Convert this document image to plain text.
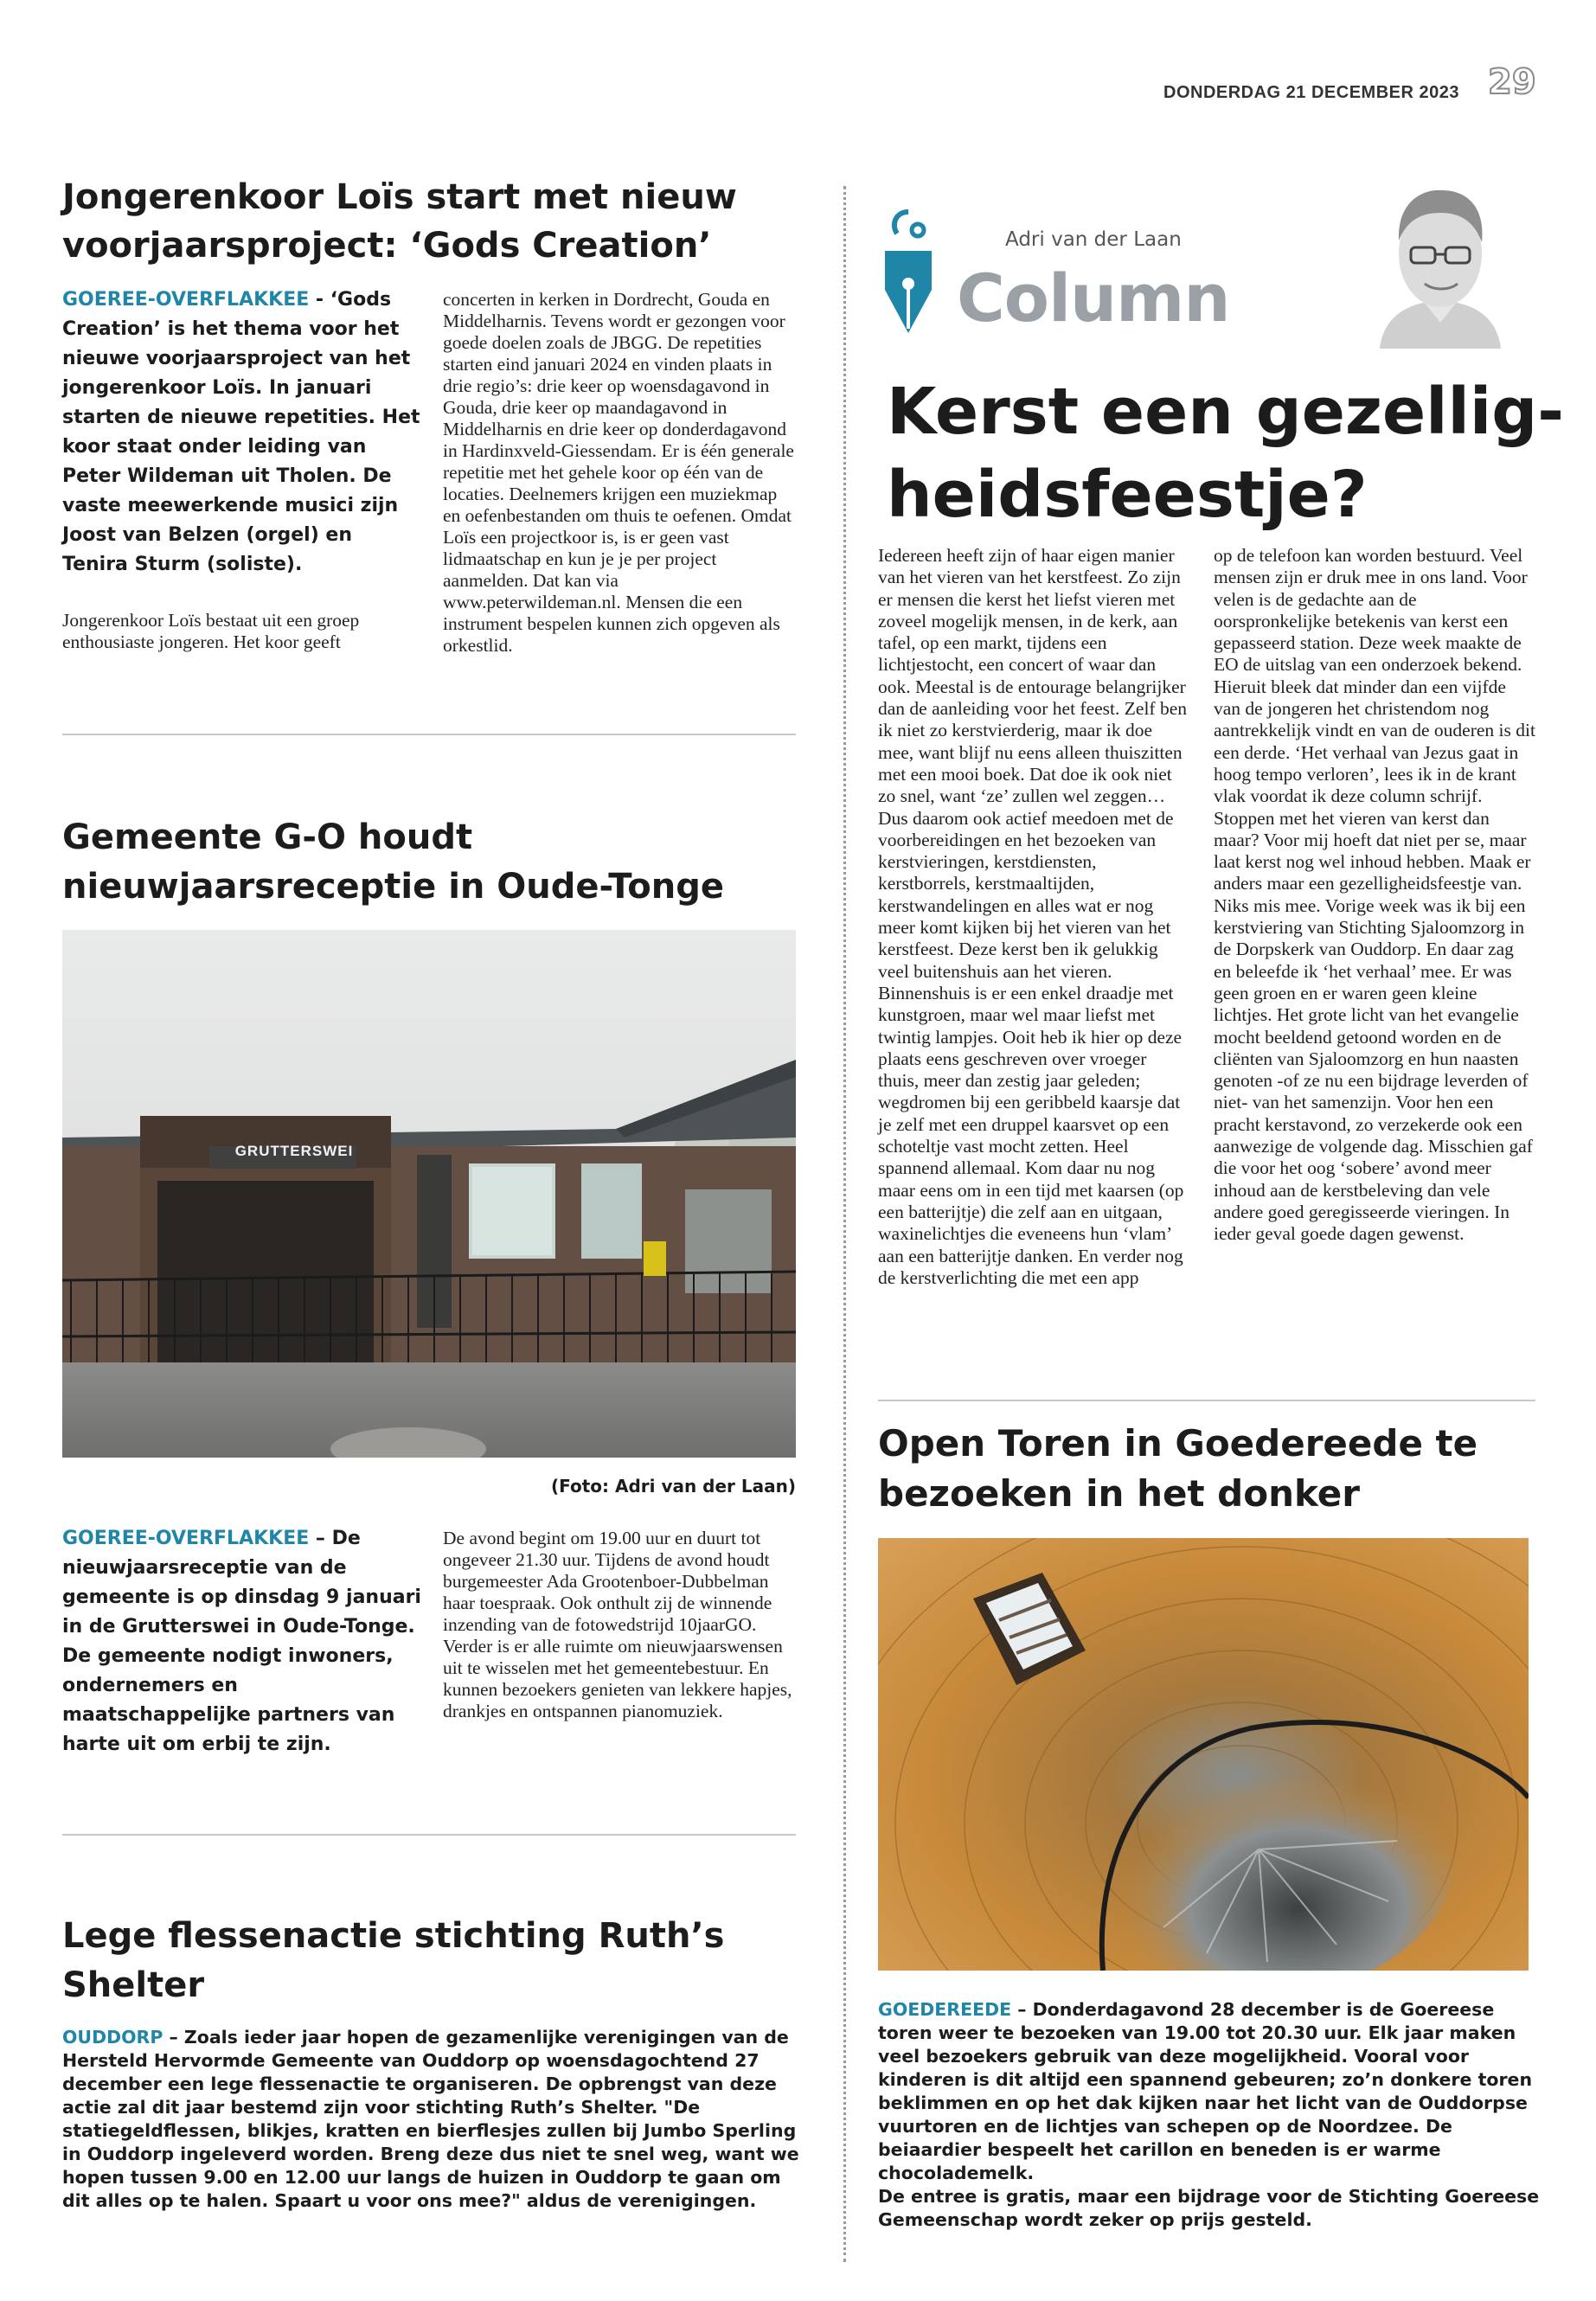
DONDERDAG 21 DECEMBER 2023 29
Jongerenkoor Loïs start met nieuw voorjaarsproject: ‘Gods Creation’
GOEREE-OVERFLAKKEE - ‘Gods Creation’ is het thema voor het nieuwe voorjaarsproject van het jongerenkoor Loïs. In januari starten de nieuwe repetities. Het koor staat onder leiding van Peter Wildeman uit Tholen. De vaste meewerkende musici zijn Joost van Belzen (orgel) en Tenira Sturm (soliste).
Jongerenkoor Loïs bestaat uit een groep enthousiaste jongeren. Het koor geeft
concerten in kerken in Dordrecht, Gouda en Middelharnis. Tevens wordt er gezongen voor goede doelen zoals de JBGG. De repetities starten eind januari 2024 en vinden plaats in drie regio’s: drie keer op woensdagavond in Gouda, drie keer op maandagavond in Middelharnis en drie keer op donderdagavond in Hardinxveld-Giessendam. Er is één generale repetitie met het gehele koor op één van de locaties. Deelnemers krijgen een muziekmap en oefenbestanden om thuis te oefenen. Omdat Loïs een projectkoor is, is er geen vast lidmaatschap en kun je je per project aanmelden. Dat kan via www.peterwildeman.nl. Mensen die een instrument bespelen kunnen zich opgeven als orkestlid.
Gemeente G-O houdt nieuwjaarsreceptie in Oude-Tonge
GRUTTERSWEI
(Foto: Adri van der Laan)
GOEREE-OVERFLAKKEE – De nieuwjaarsreceptie van de gemeente is op dinsdag 9 januari in de Grutterswei in Oude-Tonge. De gemeente nodigt inwoners, ondernemers en maatschappelijke partners van harte uit om erbij te zijn.
De avond begint om 19.00 uur en duurt tot ongeveer 21.30 uur. Tijdens de avond houdt burgemeester Ada Grootenboer-Dubbelman haar toespraak. Ook onthult zij de winnende inzending van de fotowedstrijd 10jaarGO. Verder is er alle ruimte om nieuwjaarswensen uit te wisselen met het gemeentebestuur. En kunnen bezoekers genieten van lekkere hapjes, drankjes en ontspannen pianomuziek.
Lege flessenactie stichting Ruth’s Shelter
OUDDORP – Zoals ieder jaar hopen de gezamenlijke verenigingen van de Hersteld Hervormde Gemeente van Ouddorp op woensdagochtend 27 december een lege flessenactie te organiseren. De opbrengst van deze actie zal dit jaar bestemd zijn voor stichting Ruth’s Shelter. "De statiegeldflessen, blikjes, kratten en bierflesjes zullen bij Jumbo Sperling in Ouddorp ingeleverd worden. Breng deze dus niet te snel weg, want we hopen tussen 9.00 en 12.00 uur langs de huizen in Ouddorp te gaan om dit alles op te halen. Spaart u voor ons mee?" aldus de verenigingen.
Adri van der Laan
Column
Kerst een gezellig-
heidsfeestje?
Iedereen heeft zijn of haar eigen manier van het vieren van het kerstfeest. Zo zijn er mensen die kerst het liefst vieren met zoveel mogelijk mensen, in de kerk, aan tafel, op een markt, tijdens een lichtjestocht, een concert of waar dan ook. Meestal is de entourage belangrijker dan de aanleiding voor het feest. Zelf ben ik niet zo kerstvierderig, maar ik doe mee, want blijf nu eens alleen thuiszitten met een mooi boek. Dat doe ik ook niet zo snel, want ‘ze’ zullen wel zeggen… Dus daarom ook actief meedoen met de voorbereidingen en het bezoeken van kerstvieringen, kerstdiensten, kerstborrels, kerstmaaltijden, kerstwandelingen en alles wat er nog meer komt kijken bij het vieren van het kerstfeest. Deze kerst ben ik gelukkig veel buitenshuis aan het vieren. Binnenshuis is er een enkel draadje met kunstgroen, maar wel maar liefst met twintig lampjes. Ooit heb ik hier op deze plaats eens geschreven over vroeger thuis, meer dan zestig jaar geleden; wegdromen bij een geribbeld kaarsje dat je zelf met een druppel kaarsvet op een schoteltje vast mocht zetten. Heel spannend allemaal. Kom daar nu nog maar eens om in een tijd met kaarsen (op een batterijtje) die zelf aan en uitgaan, waxinelichtjes die eveneens hun ‘vlam’ aan een batterijtje danken. En verder nog de kerstverlichting die met een app
op de telefoon kan worden bestuurd. Veel mensen zijn er druk mee in ons land. Voor velen is de gedachte aan de oorspronkelijke betekenis van kerst een gepasseerd station. Deze week maakte de EO de uitslag van een onderzoek bekend. Hieruit bleek dat minder dan een vijfde van de jongeren het christendom nog aantrekkelijk vindt en van de ouderen is dit een derde. ‘Het verhaal van Jezus gaat in hoog tempo verloren’, lees ik in de krant vlak voordat ik deze column schrijf. Stoppen met het vieren van kerst dan maar? Voor mij hoeft dat niet per se, maar laat kerst nog wel inhoud hebben. Maak er anders maar een gezelligheidsfeestje van. Niks mis mee. Vorige week was ik bij een kerstviering van Stichting Sjaloomzorg in de Dorpskerk van Ouddorp. En daar zag en beleefde ik ‘het verhaal’ mee. Er was geen groen en er waren geen kleine lichtjes. Het grote licht van het evangelie mocht beeldend getoond worden en de cliënten van Sjaloomzorg en hun naasten genoten -of ze nu een bijdrage leverden of niet- van het samenzijn. Voor hen een pracht kerstavond, zo verzekerde ook een aanwezige de volgende dag. Misschien gaf die voor het oog ‘sobere’ avond meer inhoud aan de kerstbeleving dan vele andere goed geregisseerde vieringen. In ieder geval goede dagen gewenst.
Open Toren in Goedereede te bezoeken in het donker
GOEDEREEDE – Donderdagavond 28 december is de Goereese toren weer te bezoeken van 19.00 tot 20.30 uur. Elk jaar maken veel bezoekers gebruik van deze mogelijkheid. Vooral voor kinderen is dit altijd een spannend gebeuren; zo’n donkere toren beklimmen en op het dak kijken naar het licht van de Ouddorpse vuurtoren en de lichtjes van schepen op de Noordzee. De beiaardier bespeelt het carillon en beneden is er warme chocolademelk.
De entree is gratis, maar een bijdrage voor de Stichting Goereese Gemeenschap wordt zeker op prijs gesteld.
